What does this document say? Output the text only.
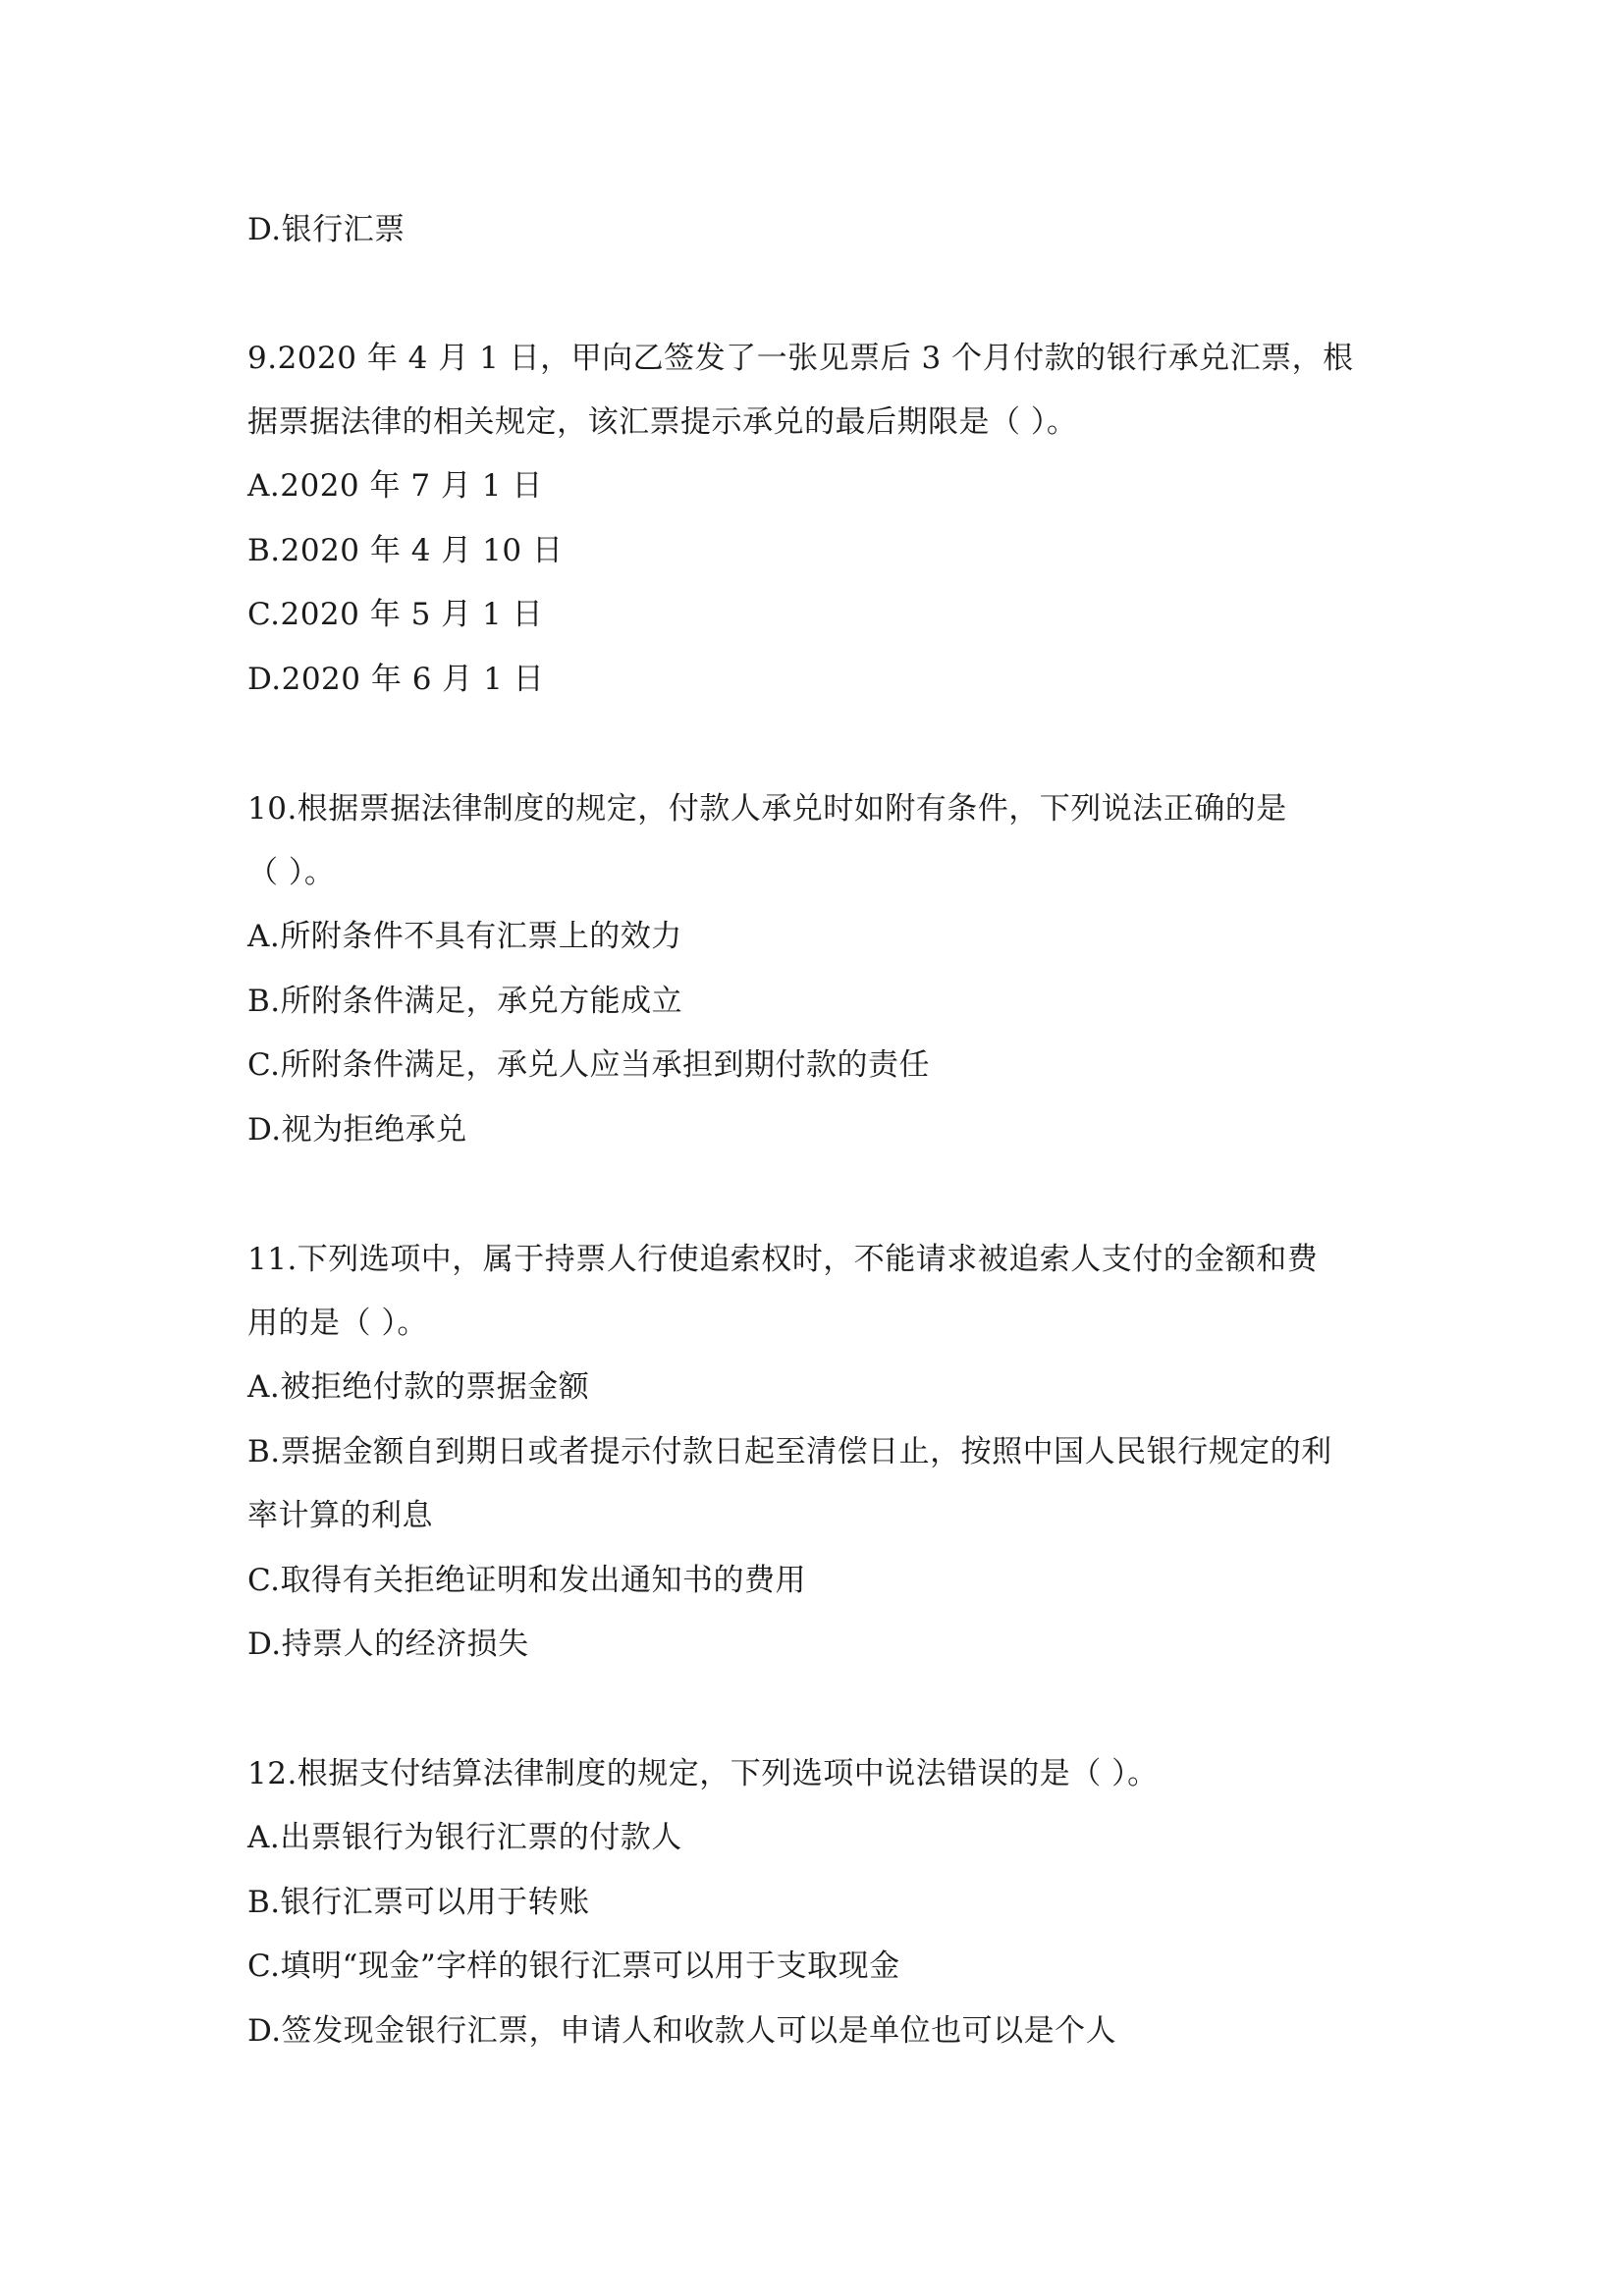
D.银行汇票
9.2020 年 4 月 1 日，甲向乙签发了一张见票后 3 个月付款的银行承兑汇票，根
据票据法律的相关规定，该汇票提示承兑的最后期限是（ ）。
A.2020 年 7 月 1 日
B.2020 年 4 月 10 日
C.2020 年 5 月 1 日
D.2020 年 6 月 1 日
10.根据票据法律制度的规定，付款人承兑时如附有条件，下列说法正确的是
（ ）。
A.所附条件不具有汇票上的效力
B.所附条件满足，承兑方能成立
C.所附条件满足，承兑人应当承担到期付款的责任
D.视为拒绝承兑
11.下列选项中，属于持票人行使追索权时，不能请求被追索人支付的金额和费
用的是（ ）。
A.被拒绝付款的票据金额
B.票据金额自到期日或者提示付款日起至清偿日止，按照中国人民银行规定的利
率计算的利息
C.取得有关拒绝证明和发出通知书的费用
D.持票人的经济损失
12.根据支付结算法律制度的规定，下列选项中说法错误的是（ ）。
A.出票银行为银行汇票的付款人
B.银行汇票可以用于转账
C.填明“现金”字样的银行汇票可以用于支取现金
D.签发现金银行汇票，申请人和收款人可以是单位也可以是个人
